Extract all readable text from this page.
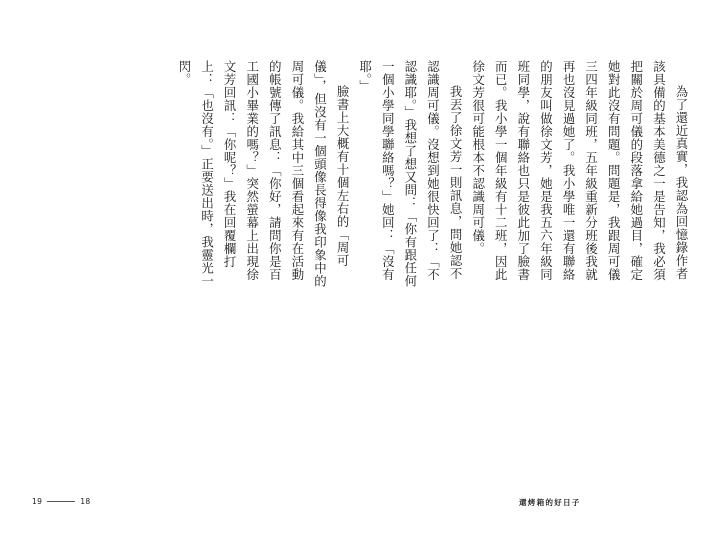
為了還近真實，我認為回憶錄作者該具備的基本美德之一是告知，我必須把關於周可儀的段落拿給她過目，確定她對此沒有問題。問題是，我跟周可儀三四年級同班，五年級重新分班後我就再也沒見過她了。我小學唯一還有聯絡的朋友叫做徐文芳，她是我五六年級同班同學，說有聯絡也只是彼此加了臉書而已。我小學一個年級有十二班，因此徐文芳很可能根本不認識周可儀。

我丟了徐文芳一則訊息，問她認不認識周可儀。沒想到她很快回了：「不認識耶。」我想了想又問：「你有跟任何一個小學同學聯絡嗎？」她回：「沒有耶。」

臉書上大概有十個左右的「周可儀」，但沒有一個頭像長得像我印象中的周可儀。我給其中三個看起來有在活動的帳號傳了訊息：「你好，請問你是百工國小畢業的嗎？」突然螢幕上出現徐文芳回訊：「你呢？」我在回覆欄打上：「也沒有。」正要送出時，我靈光一閃。

19	18	還烤箱的好日子
